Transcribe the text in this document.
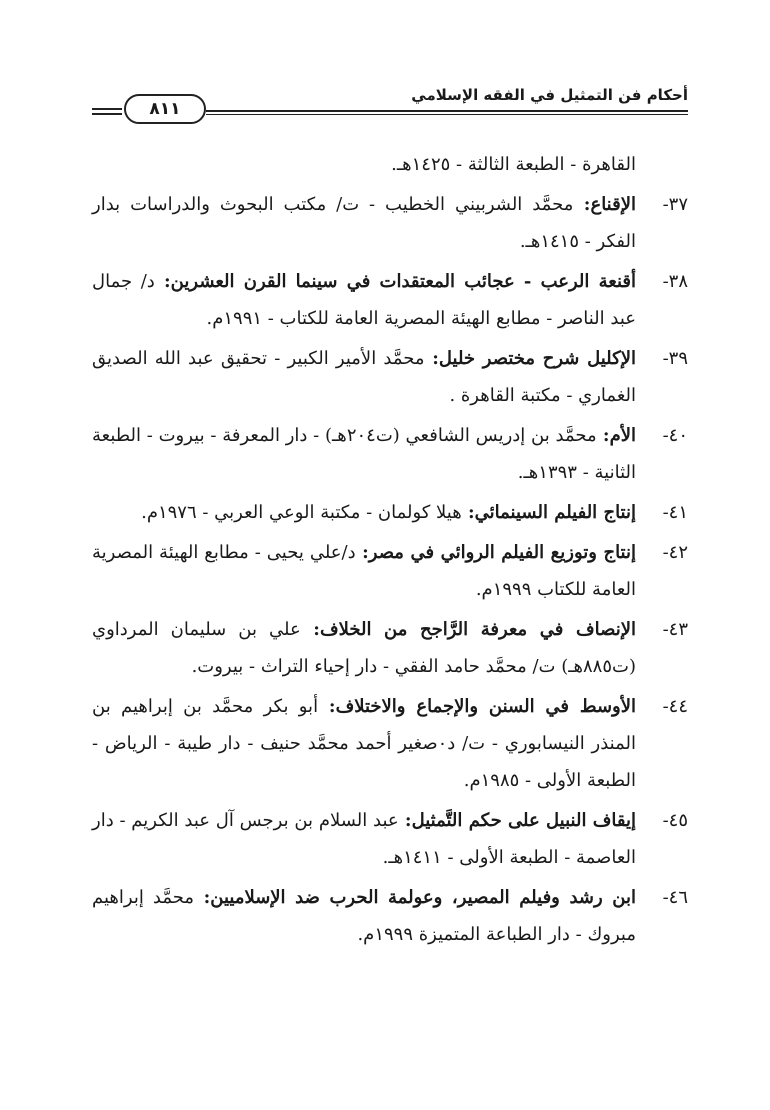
٨١١
أحكام فن التمثيل في الفقه الإسلامي
القاهرة - الطبعة الثالثة - ١٤٢٥هـ.
٣٧-
الإقناع: محمَّد الشربيني الخطيب - ت/ مكتب البحوث والدراسات بدار الفكر - ١٤١٥هـ.
٣٨-
أقنعة الرعب - عجائب المعتقدات في سينما القرن العشرين: د/ جمال عبد الناصر - مطابع الهيئة المصرية العامة للكتاب - ١٩٩١م.
٣٩-
الإكليل شرح مختصر خليل: محمَّد الأمير الكبير - تحقيق عبد الله الصديق الغماري - مكتبة القاهرة .
٤٠-
الأم: محمَّد بن إدريس الشافعي (ت٢٠٤هـ) - دار المعرفة - بيروت - الطبعة الثانية - ١٣٩٣هـ.
٤١-
إنتاج الفيلم السينمائي: هيلا كولمان - مكتبة الوعي العربي - ١٩٧٦م.
٤٢-
إنتاج وتوزيع الفيلم الروائي في مصر: د/علي يحيى - مطابع الهيئة المصرية العامة للكتاب ١٩٩٩م.
٤٣-
الإنصاف في معرفة الرَّاجح من الخلاف: علي بن سليمان المرداوي (ت٨٨٥هـ) ت/ محمَّد حامد الفقي - دار إحياء التراث - بيروت.
٤٤-
الأوسط في السنن والإجماع والاختلاف: أبو بكر محمَّد بن إبراهيم بن المنذر النيسابوري - ت/ د٠صغير أحمد محمَّد حنيف - دار طيبة - الرياض - الطبعة الأولى - ١٩٨٥م.
٤٥-
إيقاف النبيل على حكم التَّمثيل: عبد السلام بن برجس آل عبد الكريم - دار العاصمة - الطبعة الأولى - ١٤١١هـ.
٤٦-
ابن رشد وفيلم المصير، وعولمة الحرب ضد الإسلاميين: محمَّد إبراهيم مبروك - دار الطباعة المتميزة ١٩٩٩م.
